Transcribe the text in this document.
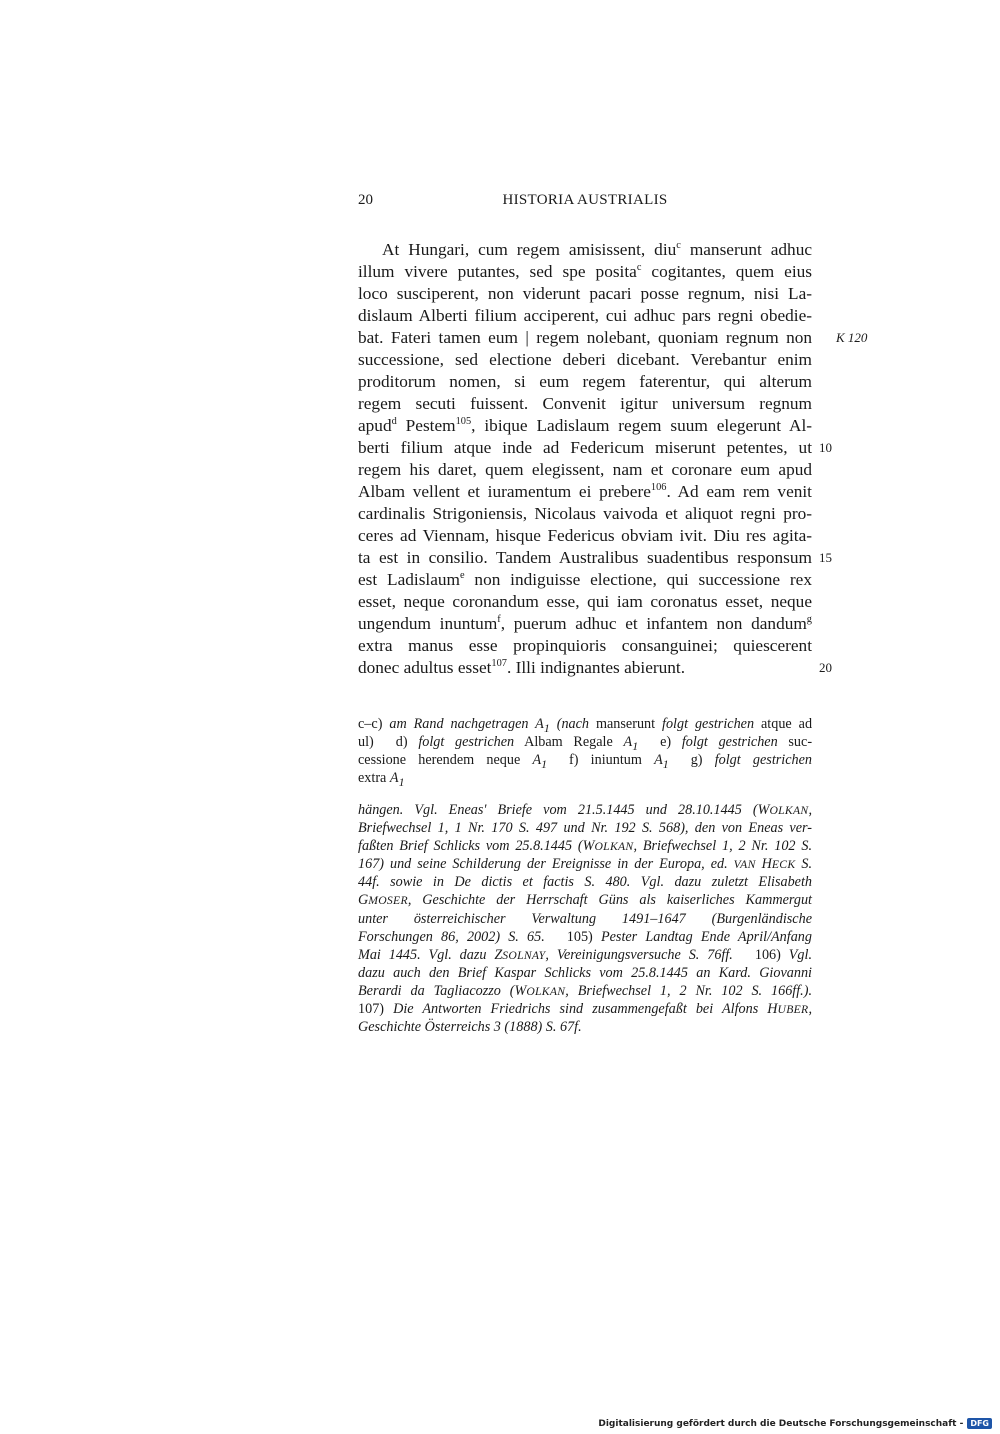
20	HISTORIA AUSTRIALIS
At Hungari, cum regem amisissent, diu$^c$ manserunt adhuc
illum vivere putantes, sed spe posita$^c$ cogitantes, quem eius
loco susciperent, non viderunt pacari posse regnum, nisi La-
dislaum Alberti filium acciperent, cui adhuc pars regni obedie-
bat. Fateri tamen eum | regem nolebant, quoniam regnum non
successione, sed electione deberi dicebant. Verebantur enim
proditorum nomen, si eum regem faterentur, qui alterum
regem secuti fuissent. Convenit igitur universum regnum
apud$^d$ Pestem$^{105}$, ibique Ladislaum regem suum elegerunt Al-
berti filium atque inde ad Federicum miserunt petentes, ut
regem his daret, quem elegissent, nam et coronare eum apud
Albam vellent et iuramentum ei prebere$^{106}$. Ad eam rem venit
cardinalis Strigoniensis, Nicolaus vaivoda et aliquot regni pro-
ceres ad Viennam, hisque Federicus obviam ivit. Diu res agita-
ta est in consilio. Tandem Australibus suadentibus responsum
est Ladislaum$^e$ non indiguisse electione, qui successione rex
esset, neque coronandum esse, qui iam coronatus esset, neque
ungendum inuntum$^f$, puerum adhuc et infantem non dandum$^g$
extra manus esse propinquioris consanguinei; quiescerent
donec adultus esset$^{107}$. Illi indignantes abierunt.
K 120
10
15
20
c–c) am Rand nachgetragen $A_1$ (nach manserunt folgt gestrichen atque ad
ul) d) folgt gestrichen Albam Regale $A_1$ e) folgt gestrichen suc-
cessione herendem neque $A_1$ f) iniuntum $A_1$ g) folgt gestrichen
extra $A_1$
hängen. Vgl. Eneas' Briefe vom 21.5.1445 und 28.10.1445 (WOLKAN,
Briefwechsel 1, 1 Nr. 170 S. 497 und Nr. 192 S. 568), den von Eneas ver-
faßten Brief Schlicks vom 25.8.1445 (WOLKAN, Briefwechsel 1, 2 Nr. 102 S.
167) und seine Schilderung der Ereignisse in der Europa, ed. VAN HECK S.
44f. sowie in De dictis et factis S. 480. Vgl. dazu zuletzt Elisabeth
GMOSER, Geschichte der Herrschaft Güns als kaiserliches Kammergut
unter österreichischer Verwaltung 1491–1647 (Burgenländische
Forschungen 86, 2002) S. 65. 105) Pester Landtag Ende April/Anfang
Mai 1445. Vgl. dazu ZSOLNAY, Vereinigungsversuche S. 76ff. 106) Vgl.
dazu auch den Brief Kaspar Schlicks vom 25.8.1445 an Kard. Giovanni
Berardi da Tagliacozzo (WOLKAN, Briefwechsel 1, 2 Nr. 102 S. 166ff.).
107) Die Antworten Friedrichs sind zusammengefaßt bei Alfons HUBER,
Geschichte Österreichs 3 (1888) S. 67f.
Digitalisierung gefördert durch die Deutsche Forschungsgemeinschaft - DFG
